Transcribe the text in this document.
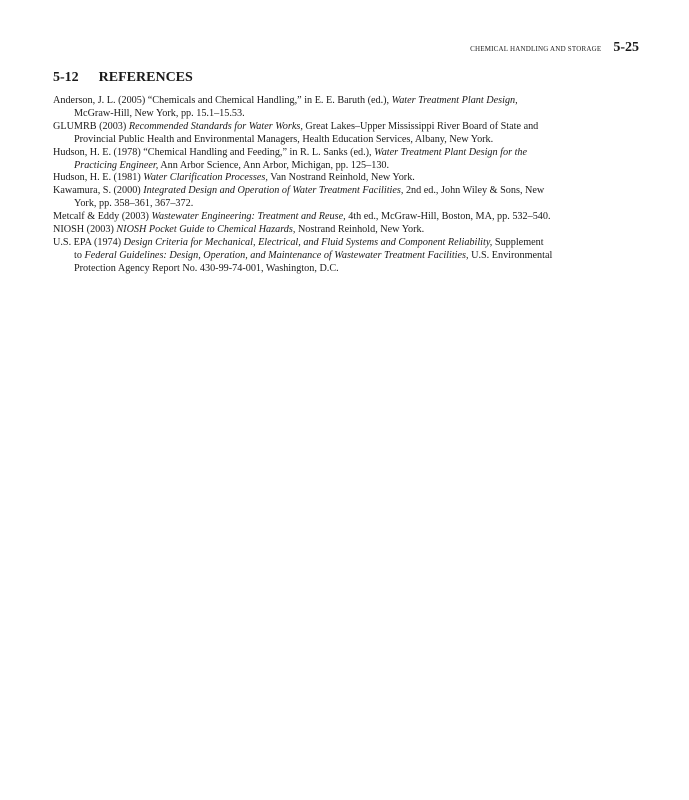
CHEMICAL HANDLING AND STORAGE 5-25
5-12 REFERENCES
Anderson, J. L. (2005) “Chemicals and Chemical Handling,” in E. E. Baruth (ed.), Water Treatment Plant Design, McGraw-Hill, New York, pp. 15.1–15.53.
GLUMRB (2003) Recommended Standards for Water Works, Great Lakes–Upper Mississippi River Board of State and Provincial Public Health and Environmental Managers, Health Education Services, Albany, New York.
Hudson, H. E. (1978) “Chemical Handling and Feeding,” in R. L. Sanks (ed.), Water Treatment Plant Design for the Practicing Engineer, Ann Arbor Science, Ann Arbor, Michigan, pp. 125–130.
Hudson, H. E. (1981) Water Clarification Processes, Van Nostrand Reinhold, New York.
Kawamura, S. (2000) Integrated Design and Operation of Water Treatment Facilities, 2nd ed., John Wiley & Sons, New York, pp. 358–361, 367–372.
Metcalf & Eddy (2003) Wastewater Engineering: Treatment and Reuse, 4th ed., McGraw-Hill, Boston, MA, pp. 532–540.
NIOSH (2003) NIOSH Pocket Guide to Chemical Hazards, Nostrand Reinhold, New York.
U.S. EPA (1974) Design Criteria for Mechanical, Electrical, and Fluid Systems and Component Reliability, Supplement to Federal Guidelines: Design, Operation, and Maintenance of Wastewater Treatment Facilities, U.S. Environmental Protection Agency Report No. 430-99-74-001, Washington, D.C.
